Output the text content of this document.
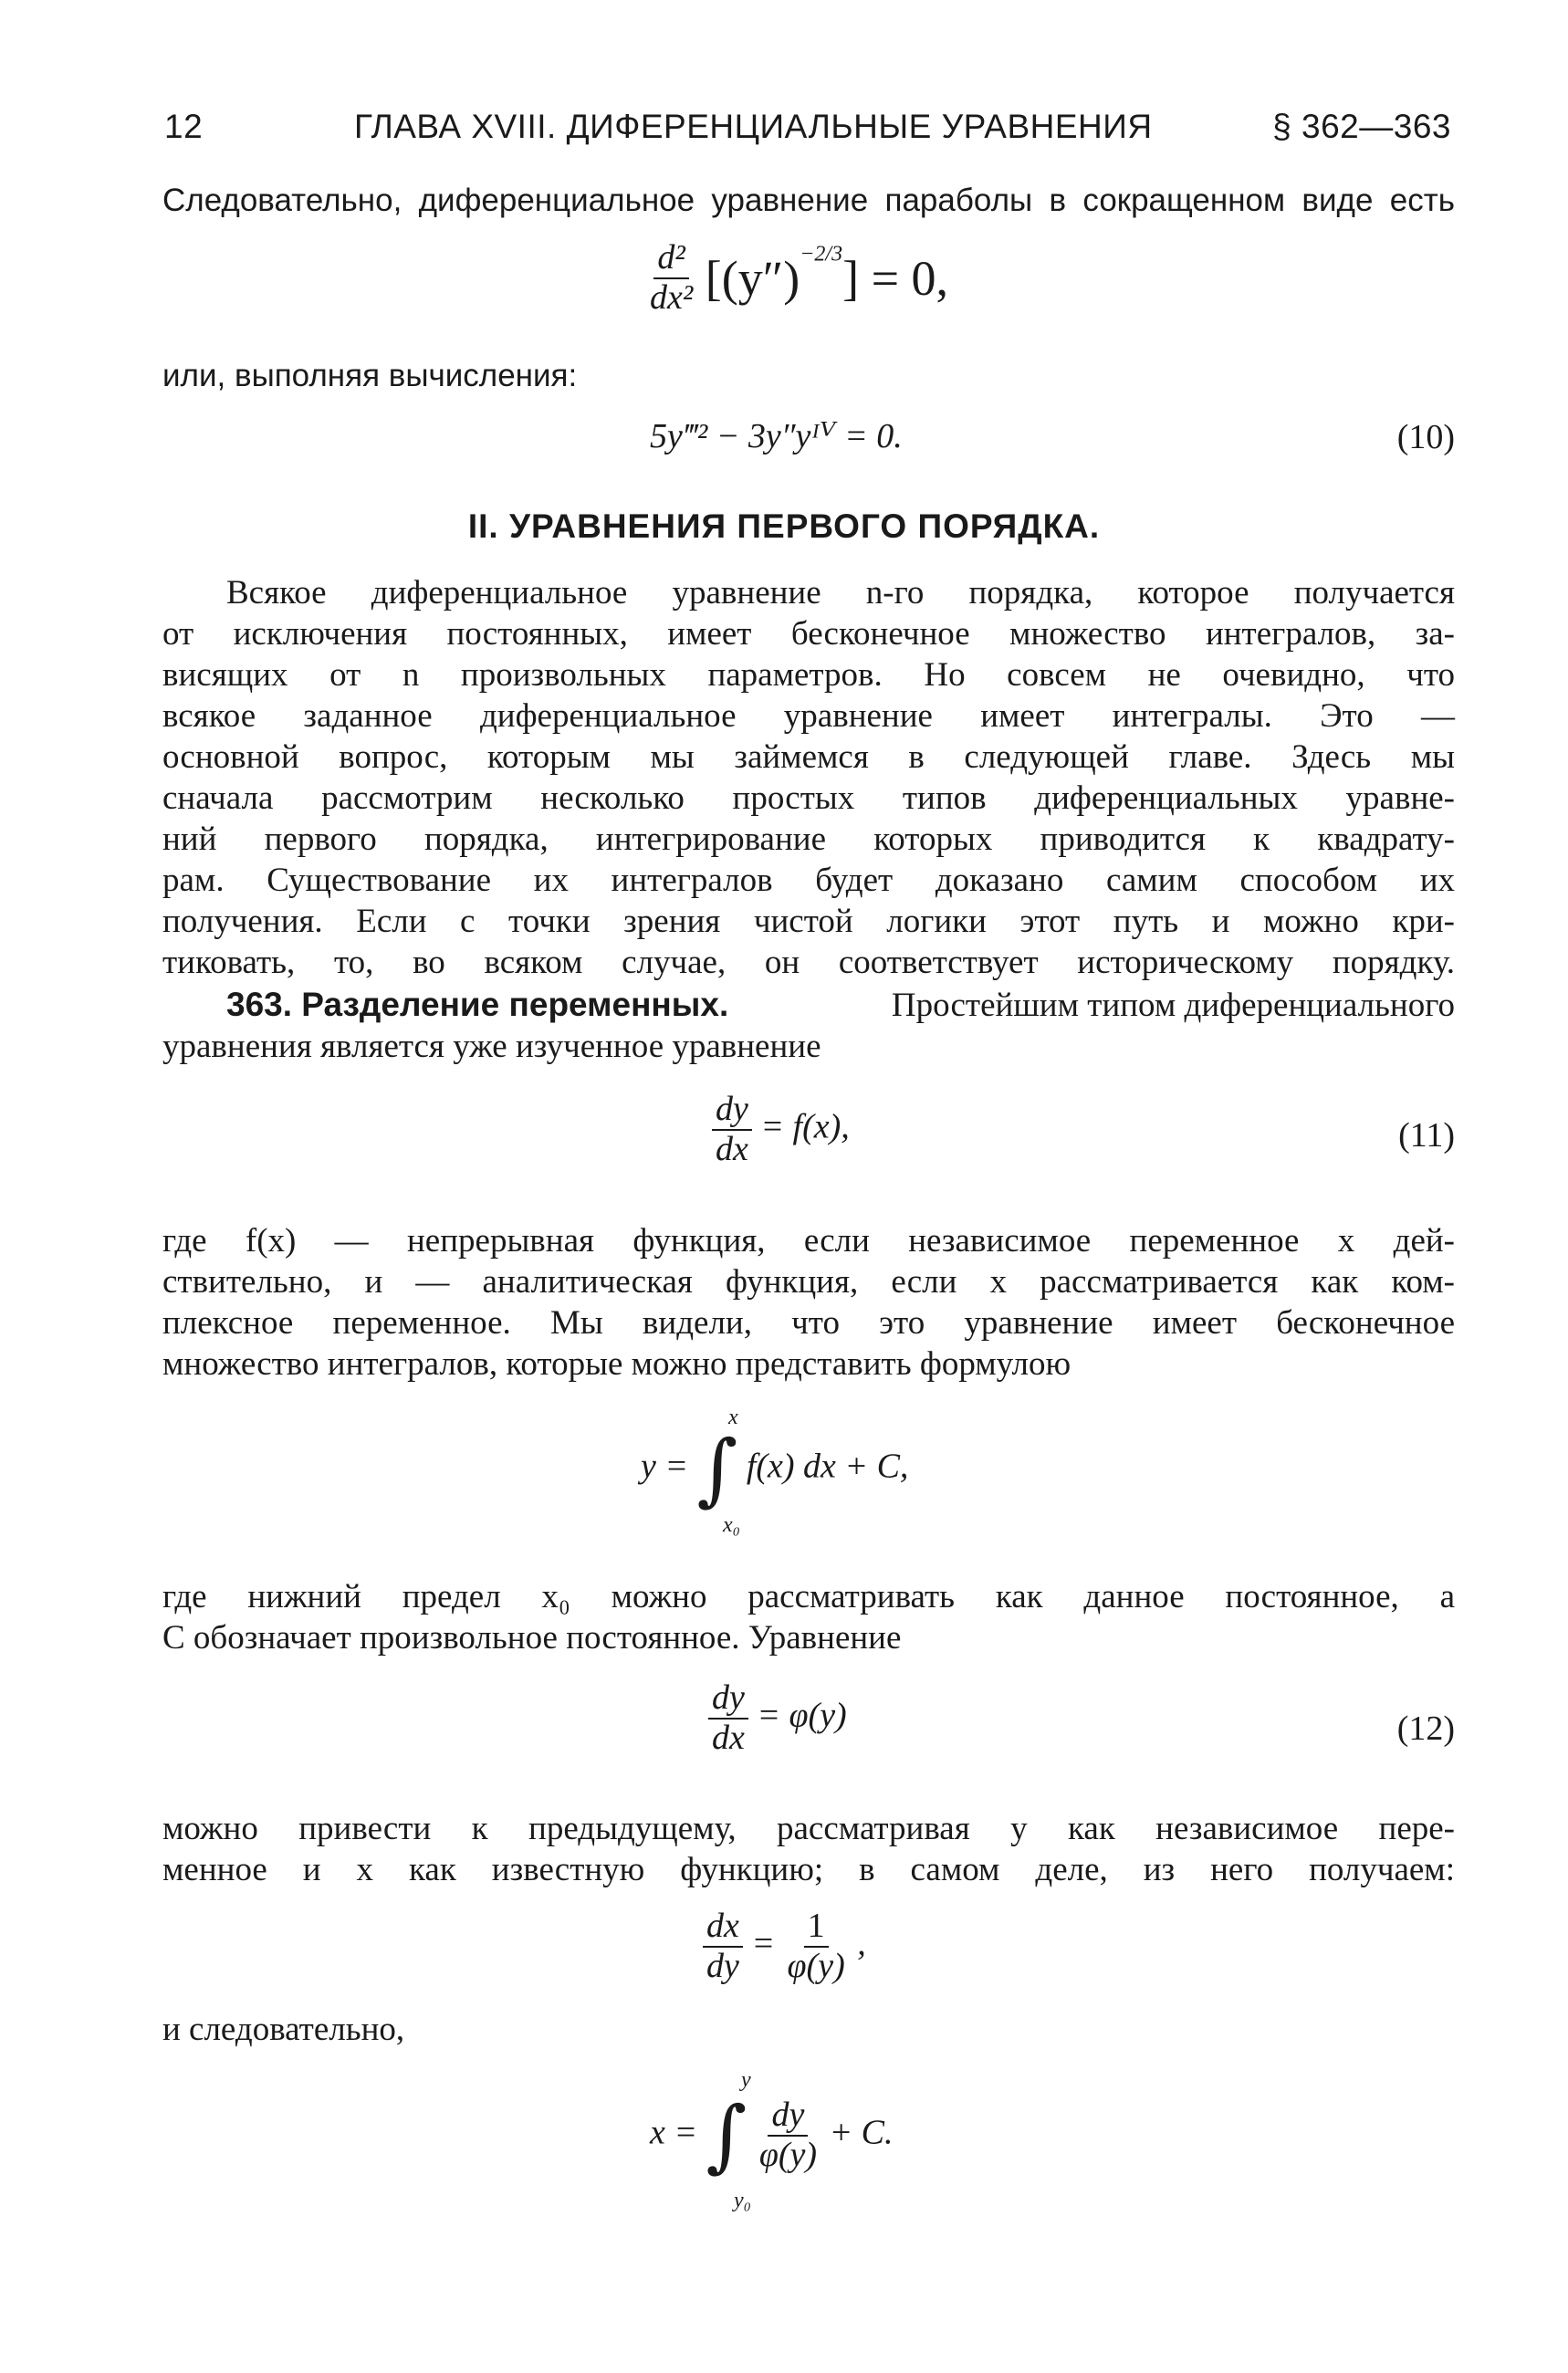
12	ГЛАВА XVIII. ДИФЕРЕНЦИАЛЬНЫЕ УРАВНЕНИЯ	§ 362—363
Следовательно, диференциальное уравнение параболы в сокращенном виде есть
$\frac{\text{d²}}{\text{dx²}} [(y'')^{-2/3}] = 0$,
или, выполняя вычисления:
5y‴² − 3y″yᴵⱽ = 0.	(10)
II. УРАВНЕНИЯ ПЕРВОГО ПОРЯДКА.
Всякое диференциальное уравнение n-го порядка, которое получается
от исключения постоянных, имеет бесконечное множество интегралов, за-
висящих от n произвольных параметров. Но совсем не очевидно, что
всякое заданное диференциальное уравнение имеет интегралы. Это —
основной вопрос, которым мы займемся в следующей главе. Здесь мы
сначала рассмотрим несколько простых типов диференциальных уравне-
ний первого порядка, интегрирование которых приводится к квадрату-
рам. Существование их интегралов будет доказано самим способом их
получения. Если с точки зрения чистой логики этот путь и можно кри-
тиковать, то, во всяком случае, он соответствует историческому порядку.
363. Разделение переменных.	Простейшим типом диференциального
уравнения является уже изученное уравнение
$\frac{dy}{dx} = f(x)$,	(11)
где f(x) — непрерывная функция, если независимое переменное x дей-
ствительно, и — аналитическая функция, если x рассматривается как ком-
плексное переменное. Мы видели, что это уравнение имеет бесконечное
множество интегралов, которые можно представить формулою
y = ∫ f(x) dx + C,
x
x₀
где нижний предел x₀ можно рассматривать как данное постоянное, а
C обозначает произвольное постоянное. Уравнение
$\frac{dy}{dx} = \varphi(y)$	(12)
можно привести к предыдущему, рассматривая y как независимое пере-
менное и x как известную функцию; в самом деле, из него получаем:
$\frac{dx}{dy} = \frac{1}{\varphi(y)}$ ,
и следовательно,
x = ∫ $\frac{dy}{\varphi(y)} + C$.
y
y₀
